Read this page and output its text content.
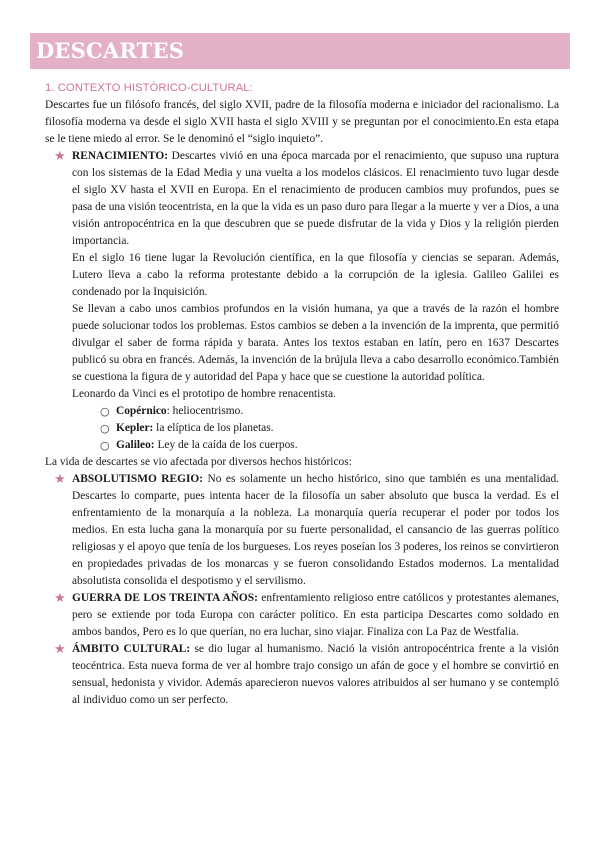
DESCARTES
1. CONTEXTO HISTÓRICO-CULTURAL:

Descartes fue un filósofo francés, del siglo XVII, padre de la filosofía moderna e iniciador del racionalismo. La filosofía moderna va desde el siglo XVII hasta el siglo XVIII y se preguntan por el conocimiento.En esta etapa se le tiene miedo al error. Se le denominó el “siglo inquieto”.

★ RENACIMIENTO: Descartes vivió en una época marcada por el renacimiento, que supuso una ruptura con los sistemas de la Edad Media y una vuelta a los modelos clásicos. El renacimiento tuvo lugar desde el siglo XV hasta el XVII en Europa. En el renacimiento de producen cambios muy profundos, pues se pasa de una visión teocentrista, en la que la vida es un paso duro para llegar a la muerte y ver a Dios, a una visión antropocéntrica en la que descubren que se puede disfrutar de la vida y Dios y la religión pierden importancia.

En el siglo 16 tiene lugar la Revolución científica, en la que filosofía y ciencias se separan. Además, Lutero lleva a cabo la reforma protestante debido a la corrupción de la iglesia. Galileo Galilei es condenado por la Inquisición.

Se llevan a cabo unos cambios profundos en la visión humana, ya que a través de la razón el hombre puede solucionar todos los problemas. Estos cambios se deben a la invención de la imprenta, que permitió divulgar el saber de forma rápida y barata. Antes los textos estaban en latín, pero en 1637 Descartes publicó su obra en francés. Además, la invención de la brújula lleva a cabo desarrollo económico.También se cuestiona la figura de y autoridad del Papa y hace que se cuestione la autoridad política.

Leonardo da Vinci es el prototipo de hombre renacentista.

○ Copérnico: heliocentrismo.
○ Kepler: la elíptica de los planetas.
○ Galileo: Ley de la caída de los cuerpos.

La vida de descartes se vio afectada por diversos hechos históricos:

★ ABSOLUTISMO REGIO: No es solamente un hecho histórico, sino que también es una mentalidad. Descartes lo comparte, pues intenta hacer de la filosofía un saber absoluto que busca la verdad. Es el enfrentamiento de la monarquía a la nobleza. La monarquía quería recuperar el poder por todos los medios. En esta lucha gana la monarquía por su fuerte personalidad, el cansancio de las guerras político religiosas y el apoyo que tenía de los burgueses. Los reyes poseían los 3 poderes, los reinos se convirtieron en propiedades privadas de los monarcas y se fueron consolidando Estados modernos. La mentalidad absolutista consolida el despotismo y el servilismo.
★ GUERRA DE LOS TREINTA AÑOS: enfrentamiento religioso entre católicos y protestantes alemanes, pero se extiende por toda Europa con carácter político. En esta participa Descartes como soldado en ambos bandos, Pero es lo que querían, no era luchar, sino viajar. Finaliza con La Paz de Westfalia.
★ ÁMBITO CULTURAL: se dio lugar al humanismo. Nació la visión antropocéntrica frente a la visión teocéntrica. Esta nueva forma de ver al hombre trajo consigo un afán de goce y el hombre se convirtió en sensual, hedonista y vividor. Además aparecieron nuevos valores atribuidos al ser humano y se contempló al individuo como un ser perfecto.
